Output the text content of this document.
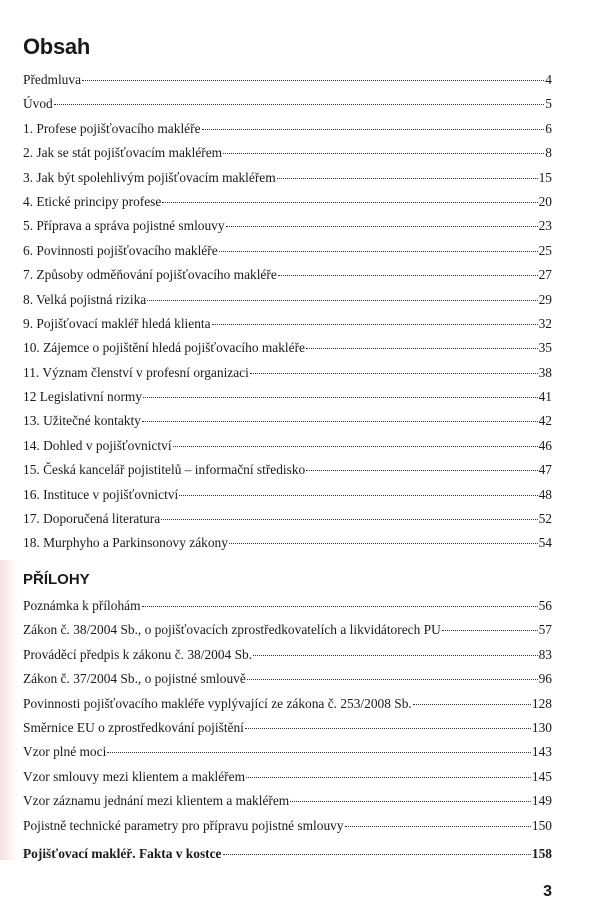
Obsah
Předmluva	4
Úvod	5
1. Profese pojišťovacího makléře	6
2. Jak se stát pojišťovacím makléřem	8
3. Jak být spolehlivým pojišťovacím makléřem	15
4. Etické principy profese	20
5. Příprava a správa pojistné smlouvy	23
6. Povinnosti pojišťovacího makléře	25
7. Způsoby odměňování pojišťovacího makléře	27
8. Velká pojistná rizika	29
9. Pojišťovací makléř hledá klienta	32
10. Zájemce o pojištění hledá pojišťovacího makléře	35
11. Význam členství v profesní organizaci	38
12 Legislativní normy	41
13. Užitečné kontakty	42
14. Dohled v pojišťovnictví	46
15. Česká kancelář pojistitelů – informační středisko	47
16. Instituce v pojišťovnictví	48
17. Doporučená literatura	52
18. Murphyho a Parkinsonovy zákony	54
PŘÍLOHY
Poznámka k přílohám	56
Zákon č. 38/2004 Sb., o pojišťovacích zprostředkovatelích a likvidátorech PU	57
Prováděcí předpis k zákonu č. 38/2004 Sb.	83
Zákon č. 37/2004 Sb., o pojistné smlouvě	96
Povinnosti pojišťovacího makléře vyplývající ze zákona č. 253/2008 Sb.	128
Směrnice EU o zprostředkování pojištění	130
Vzor plné moci	143
Vzor smlouvy mezi klientem a makléřem	145
Vzor záznamu jednání mezi klientem a makléřem	149
Pojistně technické parametry pro přípravu pojistné smlouvy	150
Pojišťovací makléř. Fakta v kostce	158
3
